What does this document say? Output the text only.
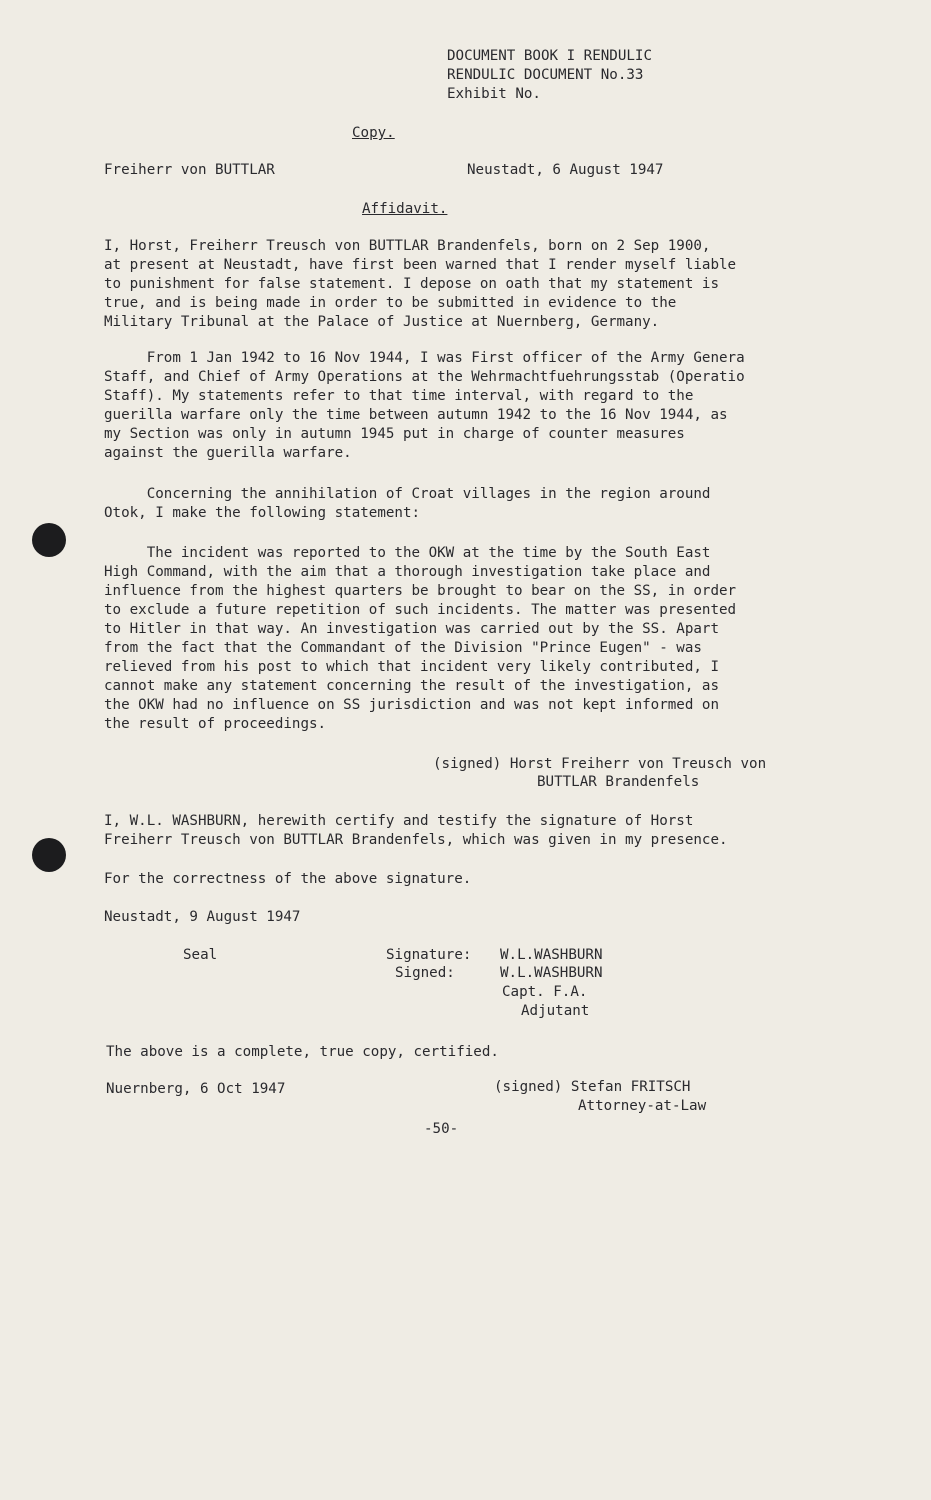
DOCUMENT BOOK I RENDULIC
RENDULIC DOCUMENT No.33
Exhibit No.
Copy.
Freiherr von BUTTLAR	Neustadt, 6 August 1947
Affidavit.
I, Horst, Freiherr Treusch von BUTTLAR Brandenfels, born on 2 Sep 1900,
at present at Neustadt, have first been warned that I render myself liable
to punishment for false statement. I depose on oath that my statement is
true, and is being made in order to be submitted in evidence to the
Military Tribunal at the Palace of Justice at Nuernberg, Germany.
From 1 Jan 1942 to 16 Nov 1944, I was First officer of the Army Genera
Staff, and Chief of Army Operations at the Wehrmachtfuehrungsstab (Operatio
Staff). My statements refer to that time interval, with regard to the
guerilla warfare only the time between autumn 1942 to the 16 Nov 1944, as
my Section was only in autumn 1945 put in charge of counter measures
against the guerilla warfare.
Concerning the annihilation of Croat villages in the region around
Otok, I make the following statement:
The incident was reported to the OKW at the time by the South East
High Command, with the aim that a thorough investigation take place and
influence from the highest quarters be brought to bear on the SS, in order
to exclude a future repetition of such incidents. The matter was presented
to Hitler in that way. An investigation was carried out by the SS. Apart
from the fact that the Commandant of the Division "Prince Eugen" - was
relieved from his post to which that incident very likely contributed, I
cannot make any statement concerning the result of the investigation, as
the OKW had no influence on SS jurisdiction and was not kept informed on
the result of proceedings.
(signed) Horst Freiherr von Treusch von
BUTTLAR Brandenfels
I, W.L. WASHBURN, herewith certify and testify the signature of Horst
Freiherr Treusch von BUTTLAR Brandenfels, which was given in my presence.
For the correctness of the above signature.
Neustadt, 9 August 1947
Seal	Signature: W.L.WASHBURN
Signed:	W.L.WASHBURN
Capt. F.A.
Adjutant
The above is a complete, true copy, certified.
Nuernberg, 6 Oct 1947	(signed) Stefan FRITSCH
Attorney-at-Law
-50-
